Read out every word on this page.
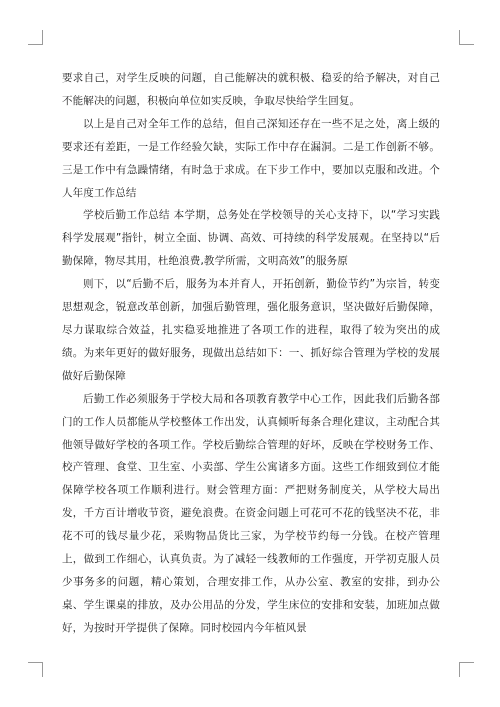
要求自己，对学生反映的问题，自己能解决的就积极、稳妥的给予解决，对自己不能解决的问题，积极向单位如实反映，争取尽快给学生回复。

以上是自己对全年工作的总结，但自己深知还存在一些不足之处，离上级的要求还有差距，一是工作经验欠缺，实际工作中存在漏洞。二是工作创新不够。三是工作中有急躁情绪，有时急于求成。在下步工作中，要加以克服和改进。个人年度工作总结

学校后勤工作总结 本学期，总务处在学校领导的关心支持下，以“学习实践科学发展观”指针，树立全面、协调、高效、可持续的科学发展观。在坚持以“后勤保障，物尽其用，杜绝浪费,教学所需，文明高效”的服务原

则下，以“后勤不后，服务为本并育人，开拓创新，勤俭节约”为宗旨，转变思想观念，锐意改革创新，加强后勤管理，强化服务意识，坚决做好后勤保障，尽力谋取综合效益，扎实稳妥地推进了各项工作的进程，取得了较为突出的成绩。为来年更好的做好服务，现做出总结如下：一、抓好综合管理为学校的发展做好后勤保障

后勤工作必须服务于学校大局和各项教育教学中心工作，因此我们后勤各部门的工作人员都能从学校整体工作出发，认真倾听每条合理化建议，主动配合其他领导做好学校的各项工作。学校后勤综合管理的好坏，反映在学校财务工作、校产管理、食堂、卫生室、小卖部、学生公寓诸多方面。这些工作细致到位才能保障学校各项工作顺利进行。财会管理方面：严把财务制度关，从学校大局出发，千方百计增收节资，避免浪费。在资金问题上可花可不花的钱坚决不花，非花不可的钱尽量少花，采购物品货比三家，为学校节约每一分钱。在校产管理上，做到工作细心，认真负责。为了减轻一线教师的工作强度，开学初克服人员少事务多的问题，精心策划，合理安排工作，从办公室、教室的安排，到办公桌、学生课桌的排放，及办公用品的分发，学生床位的安排和安装，加班加点做好，为按时开学提供了保障。同时校园内今年植风景
